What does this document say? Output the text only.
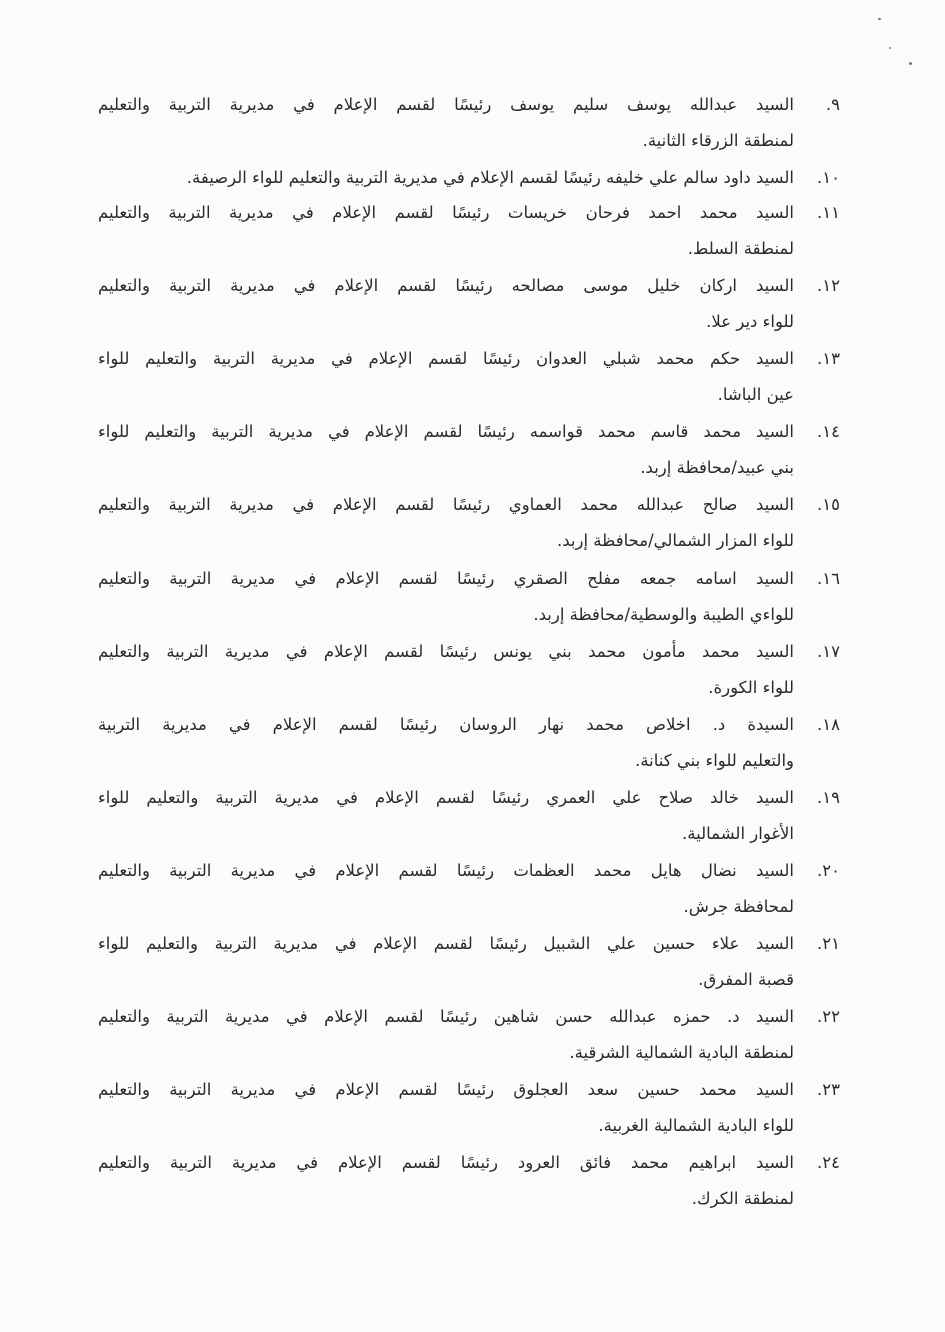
٩.
السيد عبدالله يوسف سليم يوسف رئيسًا لقسم الإعلام في مديرية التربية والتعليم
لمنطقة الزرقاء الثانية.
١٠.
السيد داود سالم علي خليفه رئيسًا لقسم الإعلام في مديرية التربية والتعليم للواء الرصيفة.
١١.
السيد محمد احمد فرحان خريسات رئيسًا لقسم الإعلام في مديرية التربية والتعليم
لمنطقة السلط.
١٢.
السيد اركان خليل موسى مصالحه رئيسًا لقسم الإعلام في مديرية التربية والتعليم
للواء دير علا.
١٣.
السيد حكم محمد شبلي العدوان رئيسًا لقسم الإعلام في مديرية التربية والتعليم للواء
عين الباشا.
١٤.
السيد محمد قاسم محمد قواسمه رئيسًا لقسم الإعلام في مديرية التربية والتعليم للواء
بني عبيد/محافظة إربد.
١٥.
السيد صالح عبدالله محمد العماوي رئيسًا لقسم الإعلام في مديرية التربية والتعليم
للواء المزار الشمالي/محافظة إربد.
١٦.
السيد اسامه جمعه مفلح الصقري رئيسًا لقسم الإعلام في مديرية التربية والتعليم
للواءي الطيبة والوسطية/محافظة إربد.
١٧.
السيد محمد مأمون محمد بني يونس رئيسًا لقسم الإعلام في مديرية التربية والتعليم
للواء الكورة.
١٨.
السيدة د. اخلاص محمد نهار الروسان رئيسًا لقسم الإعلام في مديرية التربية
والتعليم للواء بني كنانة.
١٩.
السيد خالد صلاح علي العمري رئيسًا لقسم الإعلام في مديرية التربية والتعليم للواء
الأغوار الشمالية.
٢٠.
السيد نضال هايل محمد العظمات رئيسًا لقسم الإعلام في مديرية التربية والتعليم
لمحافظة جرش.
٢١.
السيد علاء حسين علي الشبيل رئيسًا لقسم الإعلام في مديرية التربية والتعليم للواء
قصبة المفرق.
٢٢.
السيد د. حمزه عبدالله حسن شاهين رئيسًا لقسم الإعلام في مديرية التربية والتعليم
لمنطقة البادية الشمالية الشرقية.
٢٣.
السيد محمد حسين سعد العجلوق رئيسًا لقسم الإعلام في مديرية التربية والتعليم
للواء البادية الشمالية الغربية.
٢٤.
السيد ابراهيم محمد فائق العرود رئيسًا لقسم الإعلام في مديرية التربية والتعليم
لمنطقة الكرك.
